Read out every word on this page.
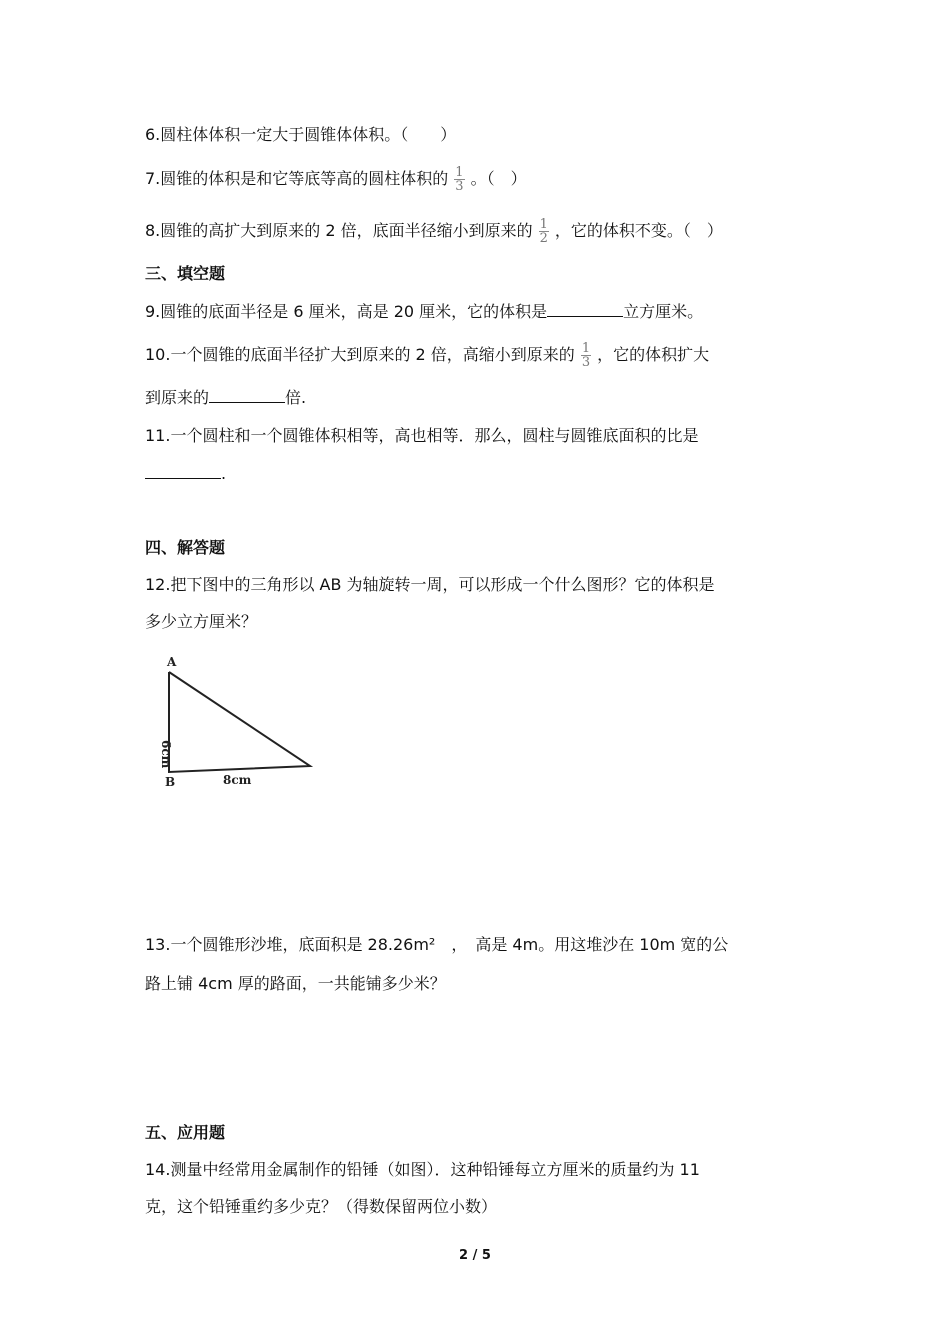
6.圆柱体体积一定大于圆锥体体积。（　　）
7.圆锥的体积是和它等底等高的圆柱体积的 $\frac{1}{3}$ 。（　）
8.圆锥的高扩大到原来的 2 倍，底面半径缩小到原来的 $\frac{1}{2}$ ，它的体积不变。（　）
三、填空题
9.圆锥的底面半径是 6 厘米，高是 20 厘米，它的体积是	立方厘米。
10.一个圆锥的底面半径扩大到原来的 2 倍，高缩小到原来的 $\frac{1}{3}$ ，它的体积扩大
到原来的	倍.
11.一个圆柱和一个圆锥体积相等，高也相等．那么，圆柱与圆锥底面积的比是
.
四、解答题
12.把下图中的三角形以 AB 为轴旋转一周，可以形成一个什么图形？它的体积是
多少立方厘米？
A
B
6cm
8cm
13.一个圆锥形沙堆，底面积是 28.26m²　，　高是 4m。用这堆沙在 10m 宽的公
路上铺 4cm 厚的路面，一共能铺多少米？
五、应用题
14.测量中经常用金属制作的铅锤（如图）．这种铅锤每立方厘米的质量约为 11
克，这个铅锤重约多少克？（得数保留两位小数）
2 / 5
